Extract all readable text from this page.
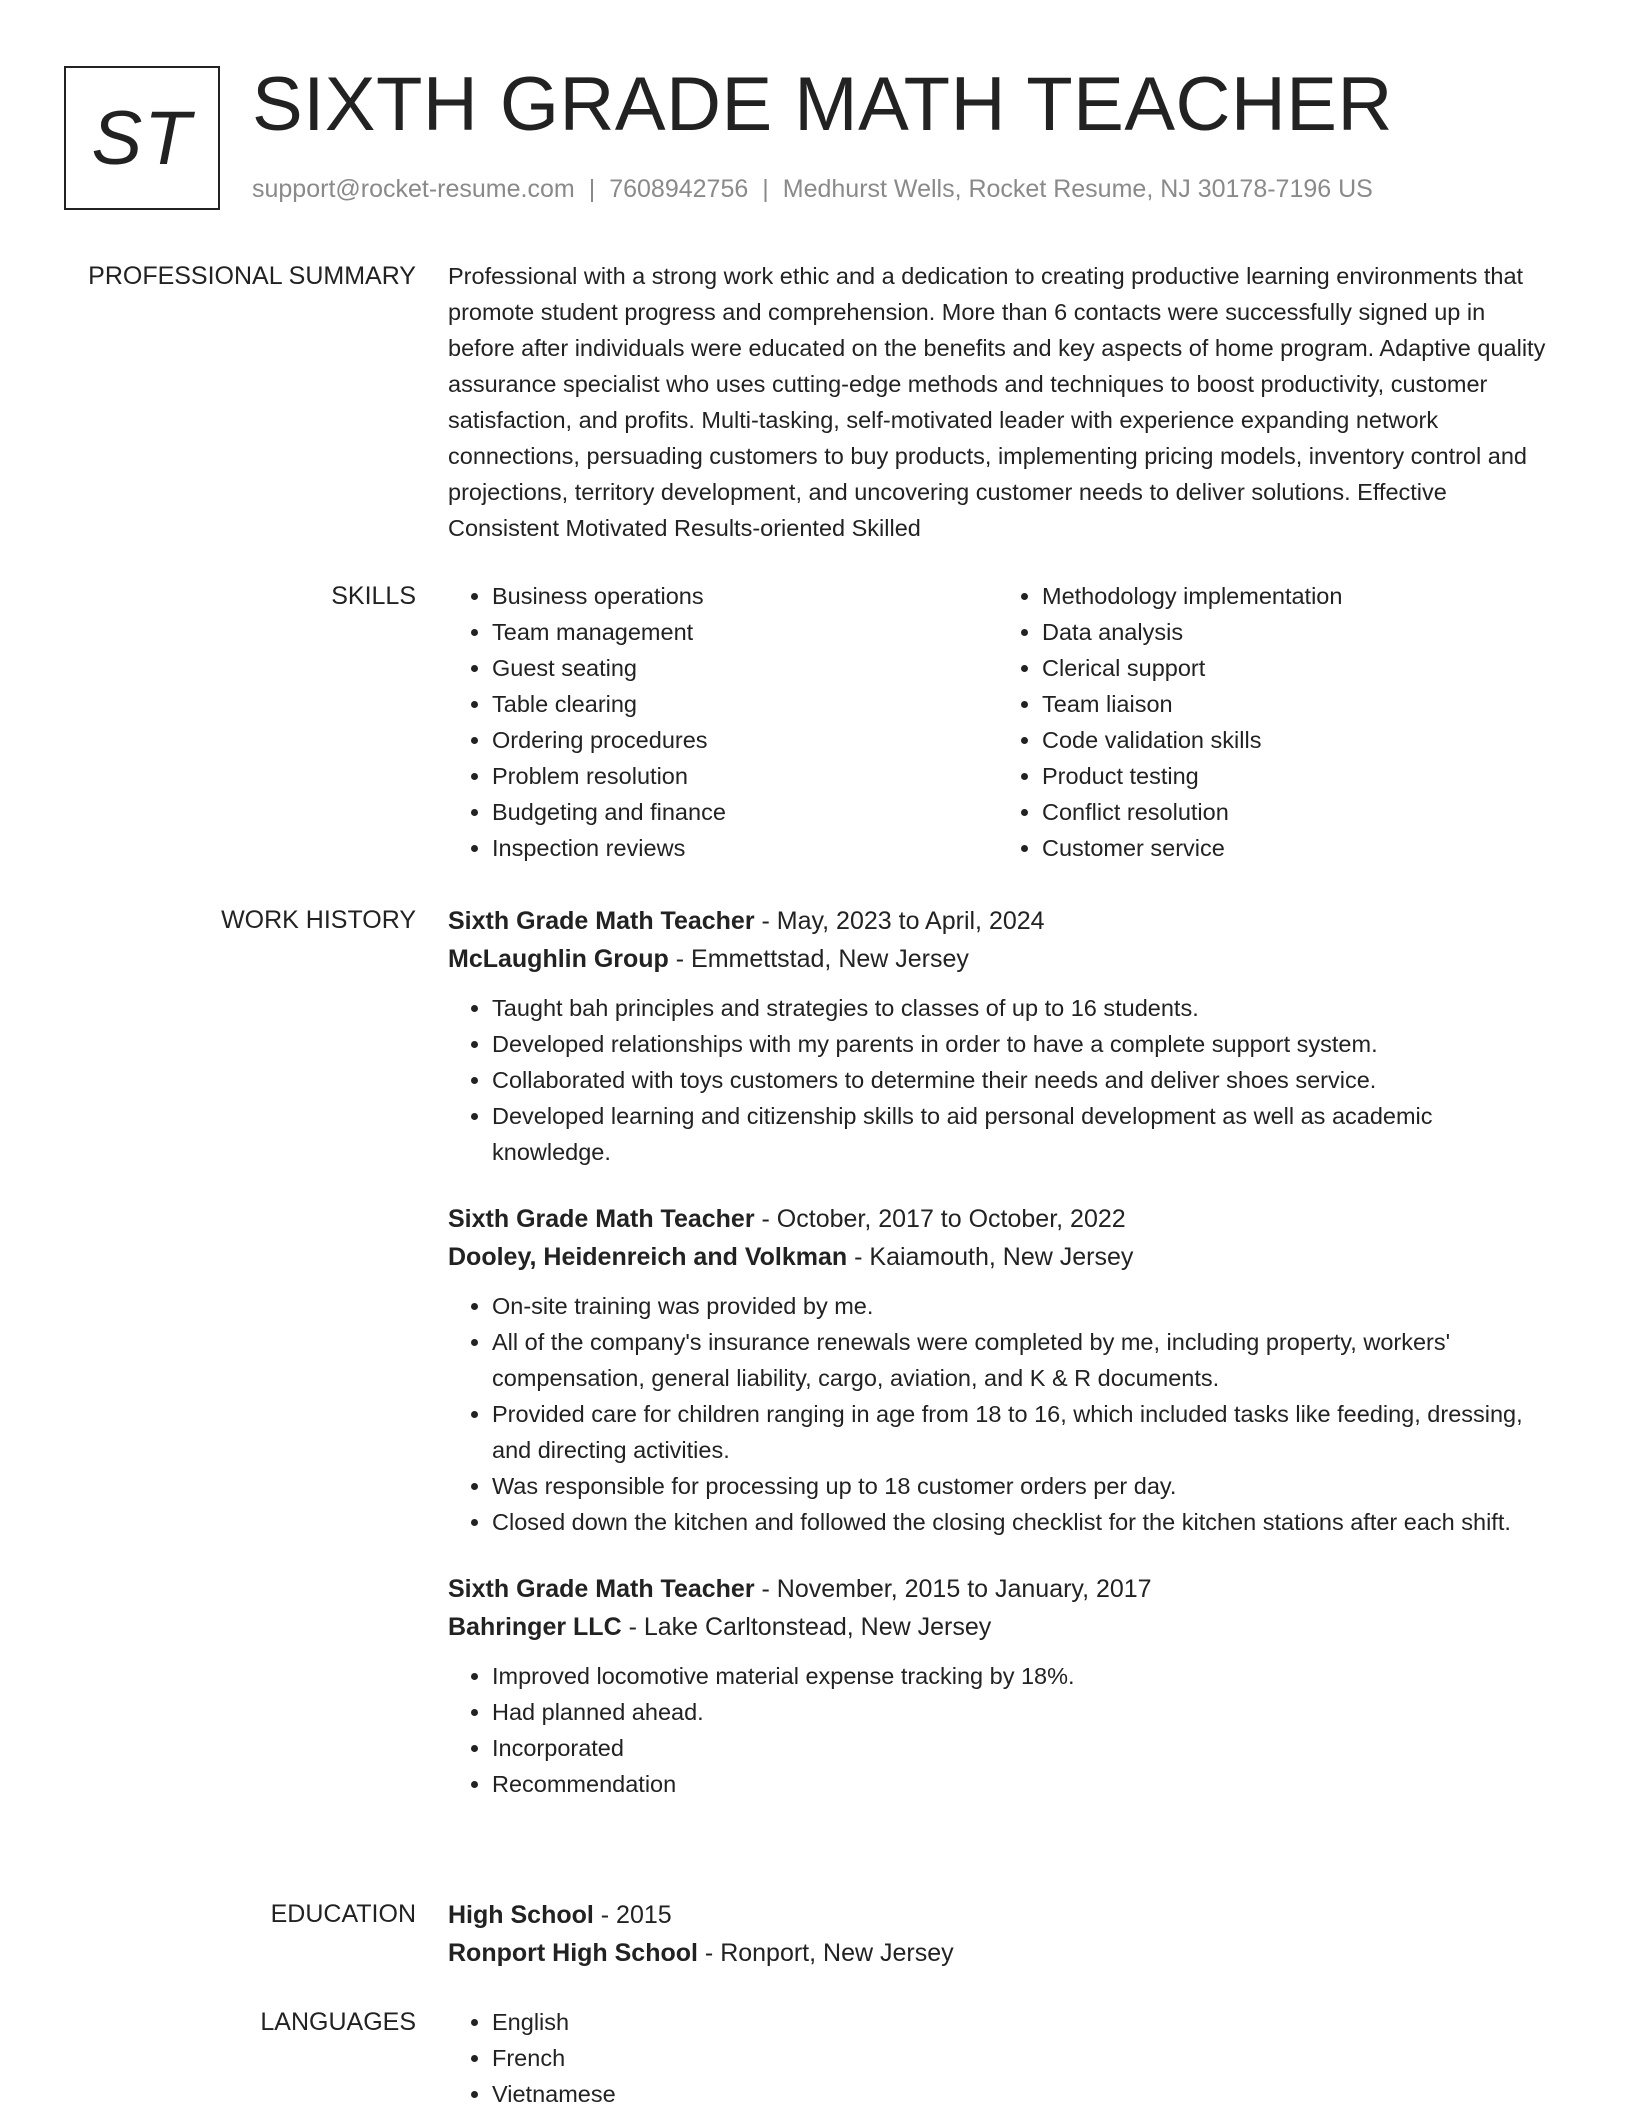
ST SIXTH GRADE MATH TEACHER
support@rocket-resume.com | 7608942756 | Medhurst Wells, Rocket Resume, NJ 30178-7196 US
PROFESSIONAL SUMMARY Professional with a strong work ethic and a dedication to creating productive learning environments that promote student progress and comprehension. More than 6 contacts were successfully signed up in before after individuals were educated on the benefits and key aspects of home program. Adaptive quality assurance specialist who uses cutting-edge methods and techniques to boost productivity, customer satisfaction, and profits. Multi-tasking, self-motivated leader with experience expanding network connections, persuading customers to buy products, implementing pricing models, inventory control and projections, territory development, and uncovering customer needs to deliver solutions. Effective Consistent Motivated Results-oriented Skilled

SKILLS	• Business operations
• Team management
• Guest seating
• Table clearing
• Ordering procedures
• Problem resolution
• Budgeting and finance
• Inspection reviews
• Methodology implementation
• Data analysis
• Clerical support
• Team liaison
• Code validation skills
• Product testing
• Conflict resolution
• Customer service
WORK HISTORY Sixth Grade Math Teacher - May, 2023 to April, 2024
McLaughlin Group - Emmettstad, New Jersey
• Taught bah principles and strategies to classes of up to 16 students.
• Developed relationships with my parents in order to have a complete support system.
• Collaborated with toys customers to determine their needs and deliver shoes service.
• Developed learning and citizenship skills to aid personal development as well as academic knowledge.
Sixth Grade Math Teacher - October, 2017 to October, 2022
Dooley, Heidenreich and Volkman - Kaiamouth, New Jersey
• On-site training was provided by me.
• All of the company's insurance renewals were completed by me, including property, workers' compensation, general liability, cargo, aviation, and K & R documents.
• Provided care for children ranging in age from 18 to 16, which included tasks like feeding, dressing, and directing activities.
• Was responsible for processing up to 18 customer orders per day.
• Closed down the kitchen and followed the closing checklist for the kitchen stations after each shift.
Sixth Grade Math Teacher - November, 2015 to January, 2017
Bahringer LLC - Lake Carltonstead, New Jersey
• Improved locomotive material expense tracking by 18%.
• Had planned ahead.
• Incorporated
• Recommendation
EDUCATION High School - 2015
Ronport High School - Ronport, New Jersey
LANGUAGES	• English
• French
• Vietnamese
